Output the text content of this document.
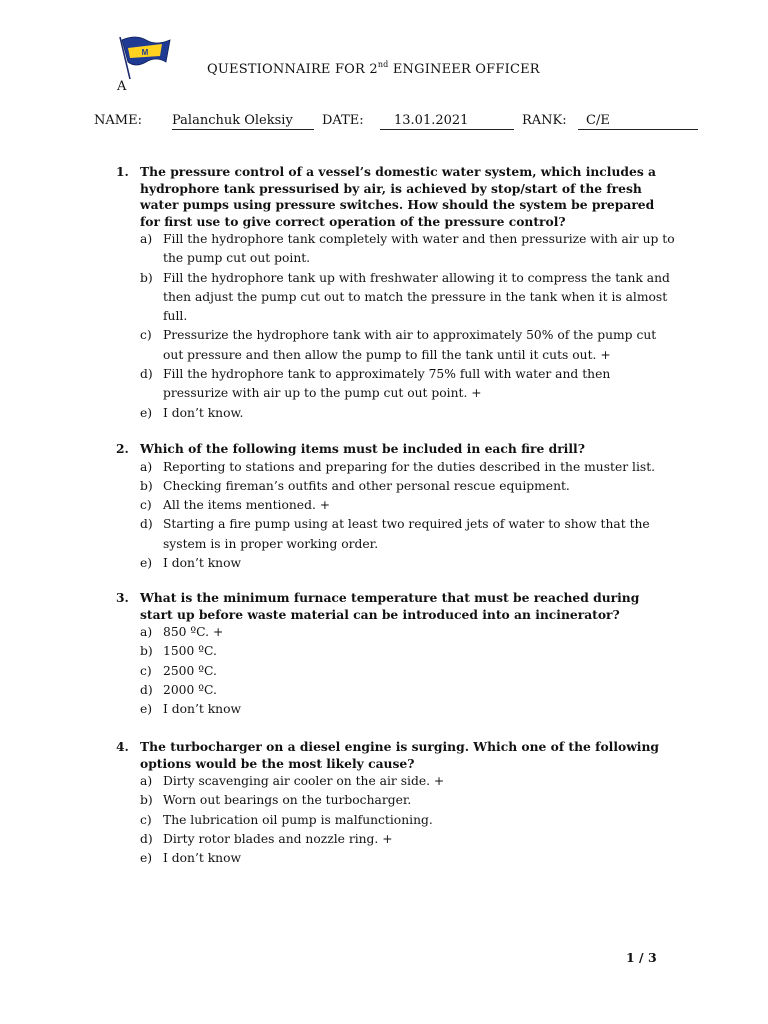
M
A
QUESTIONNAIRE FOR 2nd ENGINEER OFFICER
NAME: Palanchuk Oleksiy DATE: 13.01.2021	RANK: C/E
1. The pressure control of a vessel’s domestic water system, which includes a hydrophore tank pressurised by air, is achieved by stop/start of the fresh water pumps using pressure switches. How should the system be prepared for first use to give correct operation of the pressure control?
a) Fill the hydrophore tank completely with water and then pressurize with air up to the pump cut out point.
b) Fill the hydrophore tank up with freshwater allowing it to compress the tank and then adjust the pump cut out to match the pressure in the tank when it is almost full.
c) Pressurize the hydrophore tank with air to approximately 50% of the pump cut out pressure and then allow the pump to fill the tank until it cuts out. +
d) Fill the hydrophore tank to approximately 75% full with water and then pressurize with air up to the pump cut out point. +
e) I don’t know.
2. Which of the following items must be included in each fire drill?
a) Reporting to stations and preparing for the duties described in the muster list.
b) Checking fireman’s outfits and other personal rescue equipment.
c) All the items mentioned. +
d) Starting a fire pump using at least two required jets of water to show that the system is in proper working order.
e) I don’t know
3. What is the minimum furnace temperature that must be reached during start up before waste material can be introduced into an incinerator?
a) 850 ºC. +
b) 1500 ºC.
c) 2500 ºC.
d) 2000 ºC.
e) I don’t know
4. The turbocharger on a diesel engine is surging. Which one of the following options would be the most likely cause?
a) Dirty scavenging air cooler on the air side. +
b) Worn out bearings on the turbocharger.
c) The lubrication oil pump is malfunctioning.
d) Dirty rotor blades and nozzle ring. +
e) I don’t know
1 / 3
